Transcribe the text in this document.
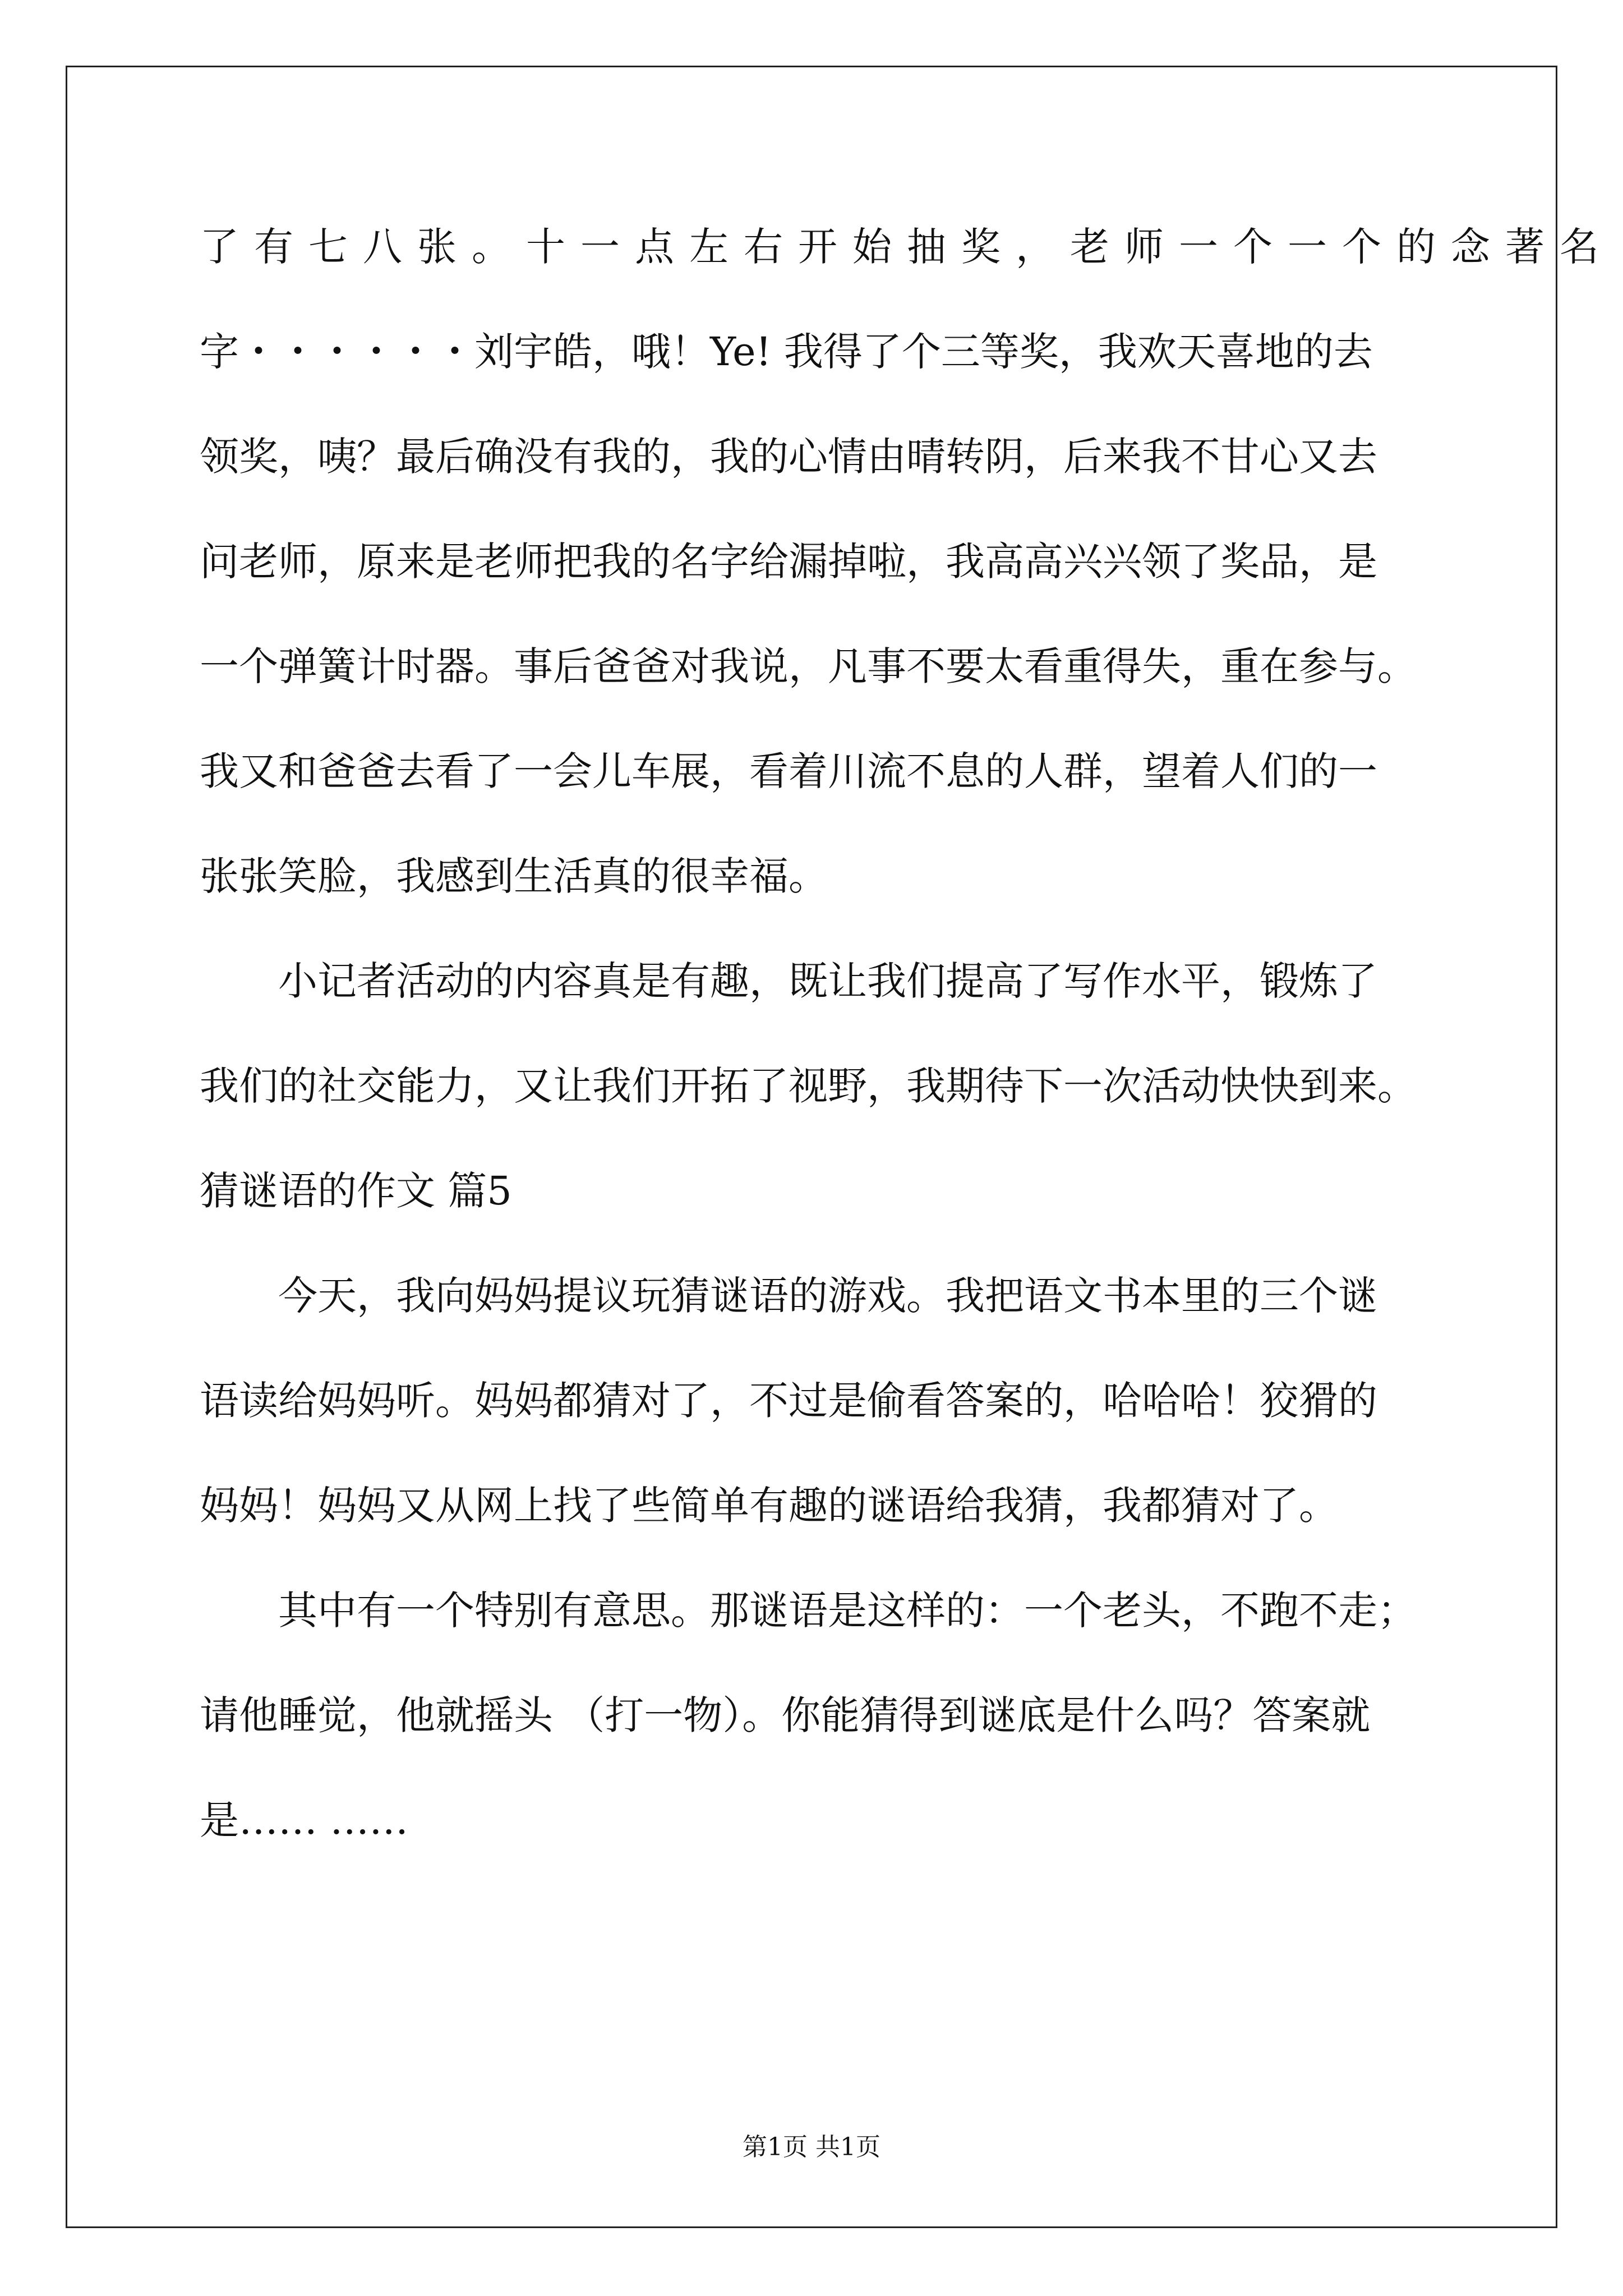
了有七八张。十一点左右开始抽奖，老师一个一个的念著名
字・・・・・・刘宇皓，哦！Ye! 我得了个三等奖，我欢天喜地的去
领奖，咦？最后确没有我的，我的心情由晴转阴，后来我不甘心又去
问老师，原来是老师把我的名字给漏掉啦，我高高兴兴领了奖品，是
一个弹簧计时器。事后爸爸对我说，凡事不要太看重得失，重在参与。
我又和爸爸去看了一会儿车展，看着川流不息的人群，望着人们的一
张张笑脸，我感到生活真的很幸福。
小记者活动的内容真是有趣，既让我们提高了写作水平，锻炼了
我们的社交能力，又让我们开拓了视野，我期待下一次活动快快到来。
猜谜语的作文 篇5
今天，我向妈妈提议玩猜谜语的游戏。我把语文书本里的三个谜
语读给妈妈听。妈妈都猜对了，不过是偷看答案的，哈哈哈！狡猾的
妈妈！妈妈又从网上找了些简单有趣的谜语给我猜，我都猜对了。
其中有一个特别有意思。那谜语是这样的：一个老头，不跑不走；
请他睡觉，他就摇头 （打一物）。你能猜得到谜底是什么吗？答案就
是…… ……
第1页 共1页
